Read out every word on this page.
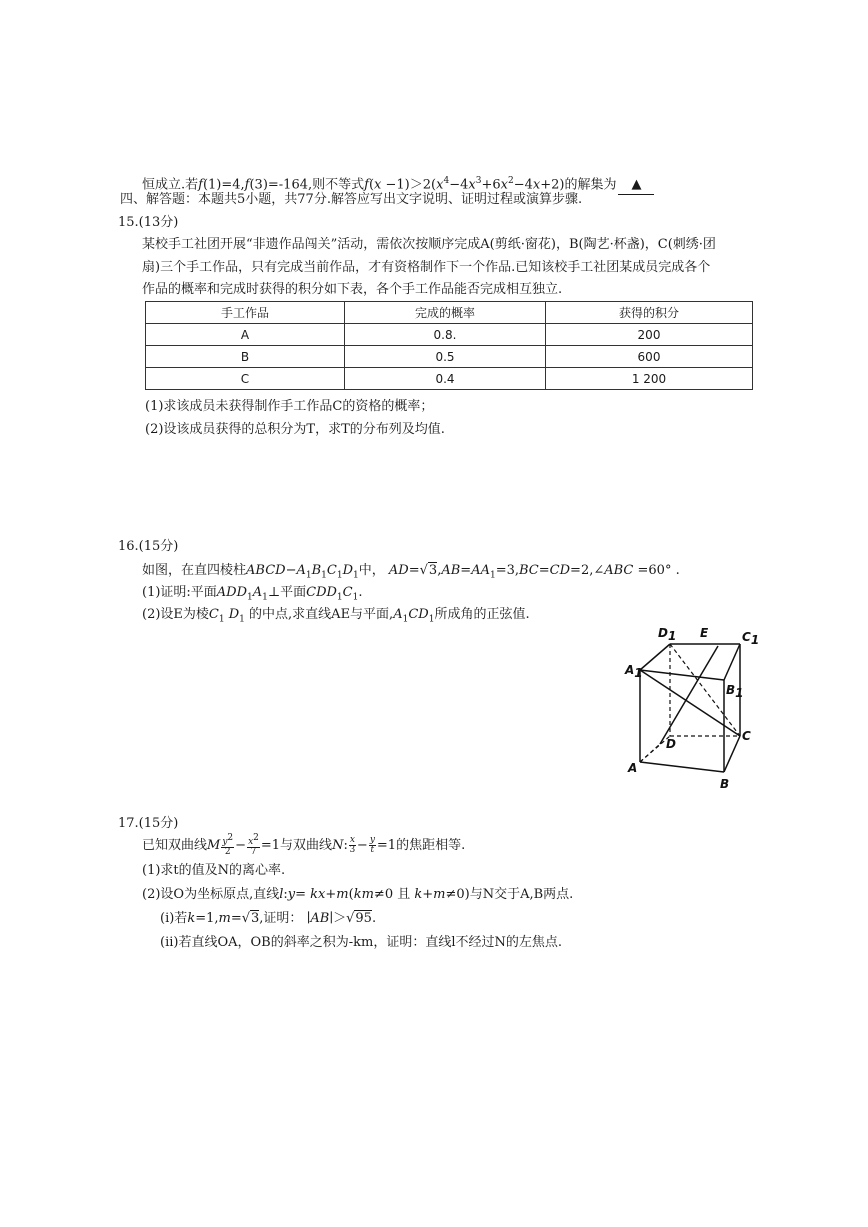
恒成立.若f(1)=4,f(3)=-164,则不等式$f(x -1)>2(x^4-4x^3+6x^2-4x+2)$的解集为 ▲
四、解答题：本题共5小题，共77分.解答应写出文字说明、证明过程或演算步骤.
15.(13分)
某校手工社团开展“非遗作品闯关”活动，需依次按顺序完成A(剪纸·窗花)，B(陶艺·杯盏)，C(刺绣·团
扇)三个手工作品，只有完成当前作品，才有资格制作下一个作品.已知该校手工社团某成员完成各个
作品的概率和完成时获得的积分如下表，各个手工作品能否完成相互独立.
手工作品	完成的概率	获得的积分
A	0.8.	200
B	0.5	600
C	0.4	1 200
(1)求该成员未获得制作手工作品C的资格的概率；
(2)设该成员获得的总积分为T，求T的分布列及均值.
16.(15分)
如图，在直四棱柱$ABCD-A_1B_1C_1D_1$中， $AD=√3,AB=AA_1=3,BC=CD=2,\angle ABC =60^\circ$ .
(1)证明:平面$ADD_1A_1\perp$平面$CDD_1C_1$.
(2)设E为棱$C_1$ $D_1$ 的中点,求直线AE与平面$,A_1CD_1$所成角的正弦值.
D1 E	C1
A1
B1
D
C
A
B
17.(15分)
已知双曲线M $\frac{y^2}{2} - \frac{x^2}{7} =1$与双曲线N: $\frac{x}{3} - \frac{y}{t} =1$的焦距相等.
(1)求t的值及N的离心率.
(2)设O为坐标原点,直线l:y= kx+m(km≠0 且 k+m≠0)与N交于A,B两点.
(i)若k=1,m=√3,证明： ∣AB∣＞√95.
(ii)若直线OA，OB的斜率之积为-km，证明：直线l不经过N的左焦点.
